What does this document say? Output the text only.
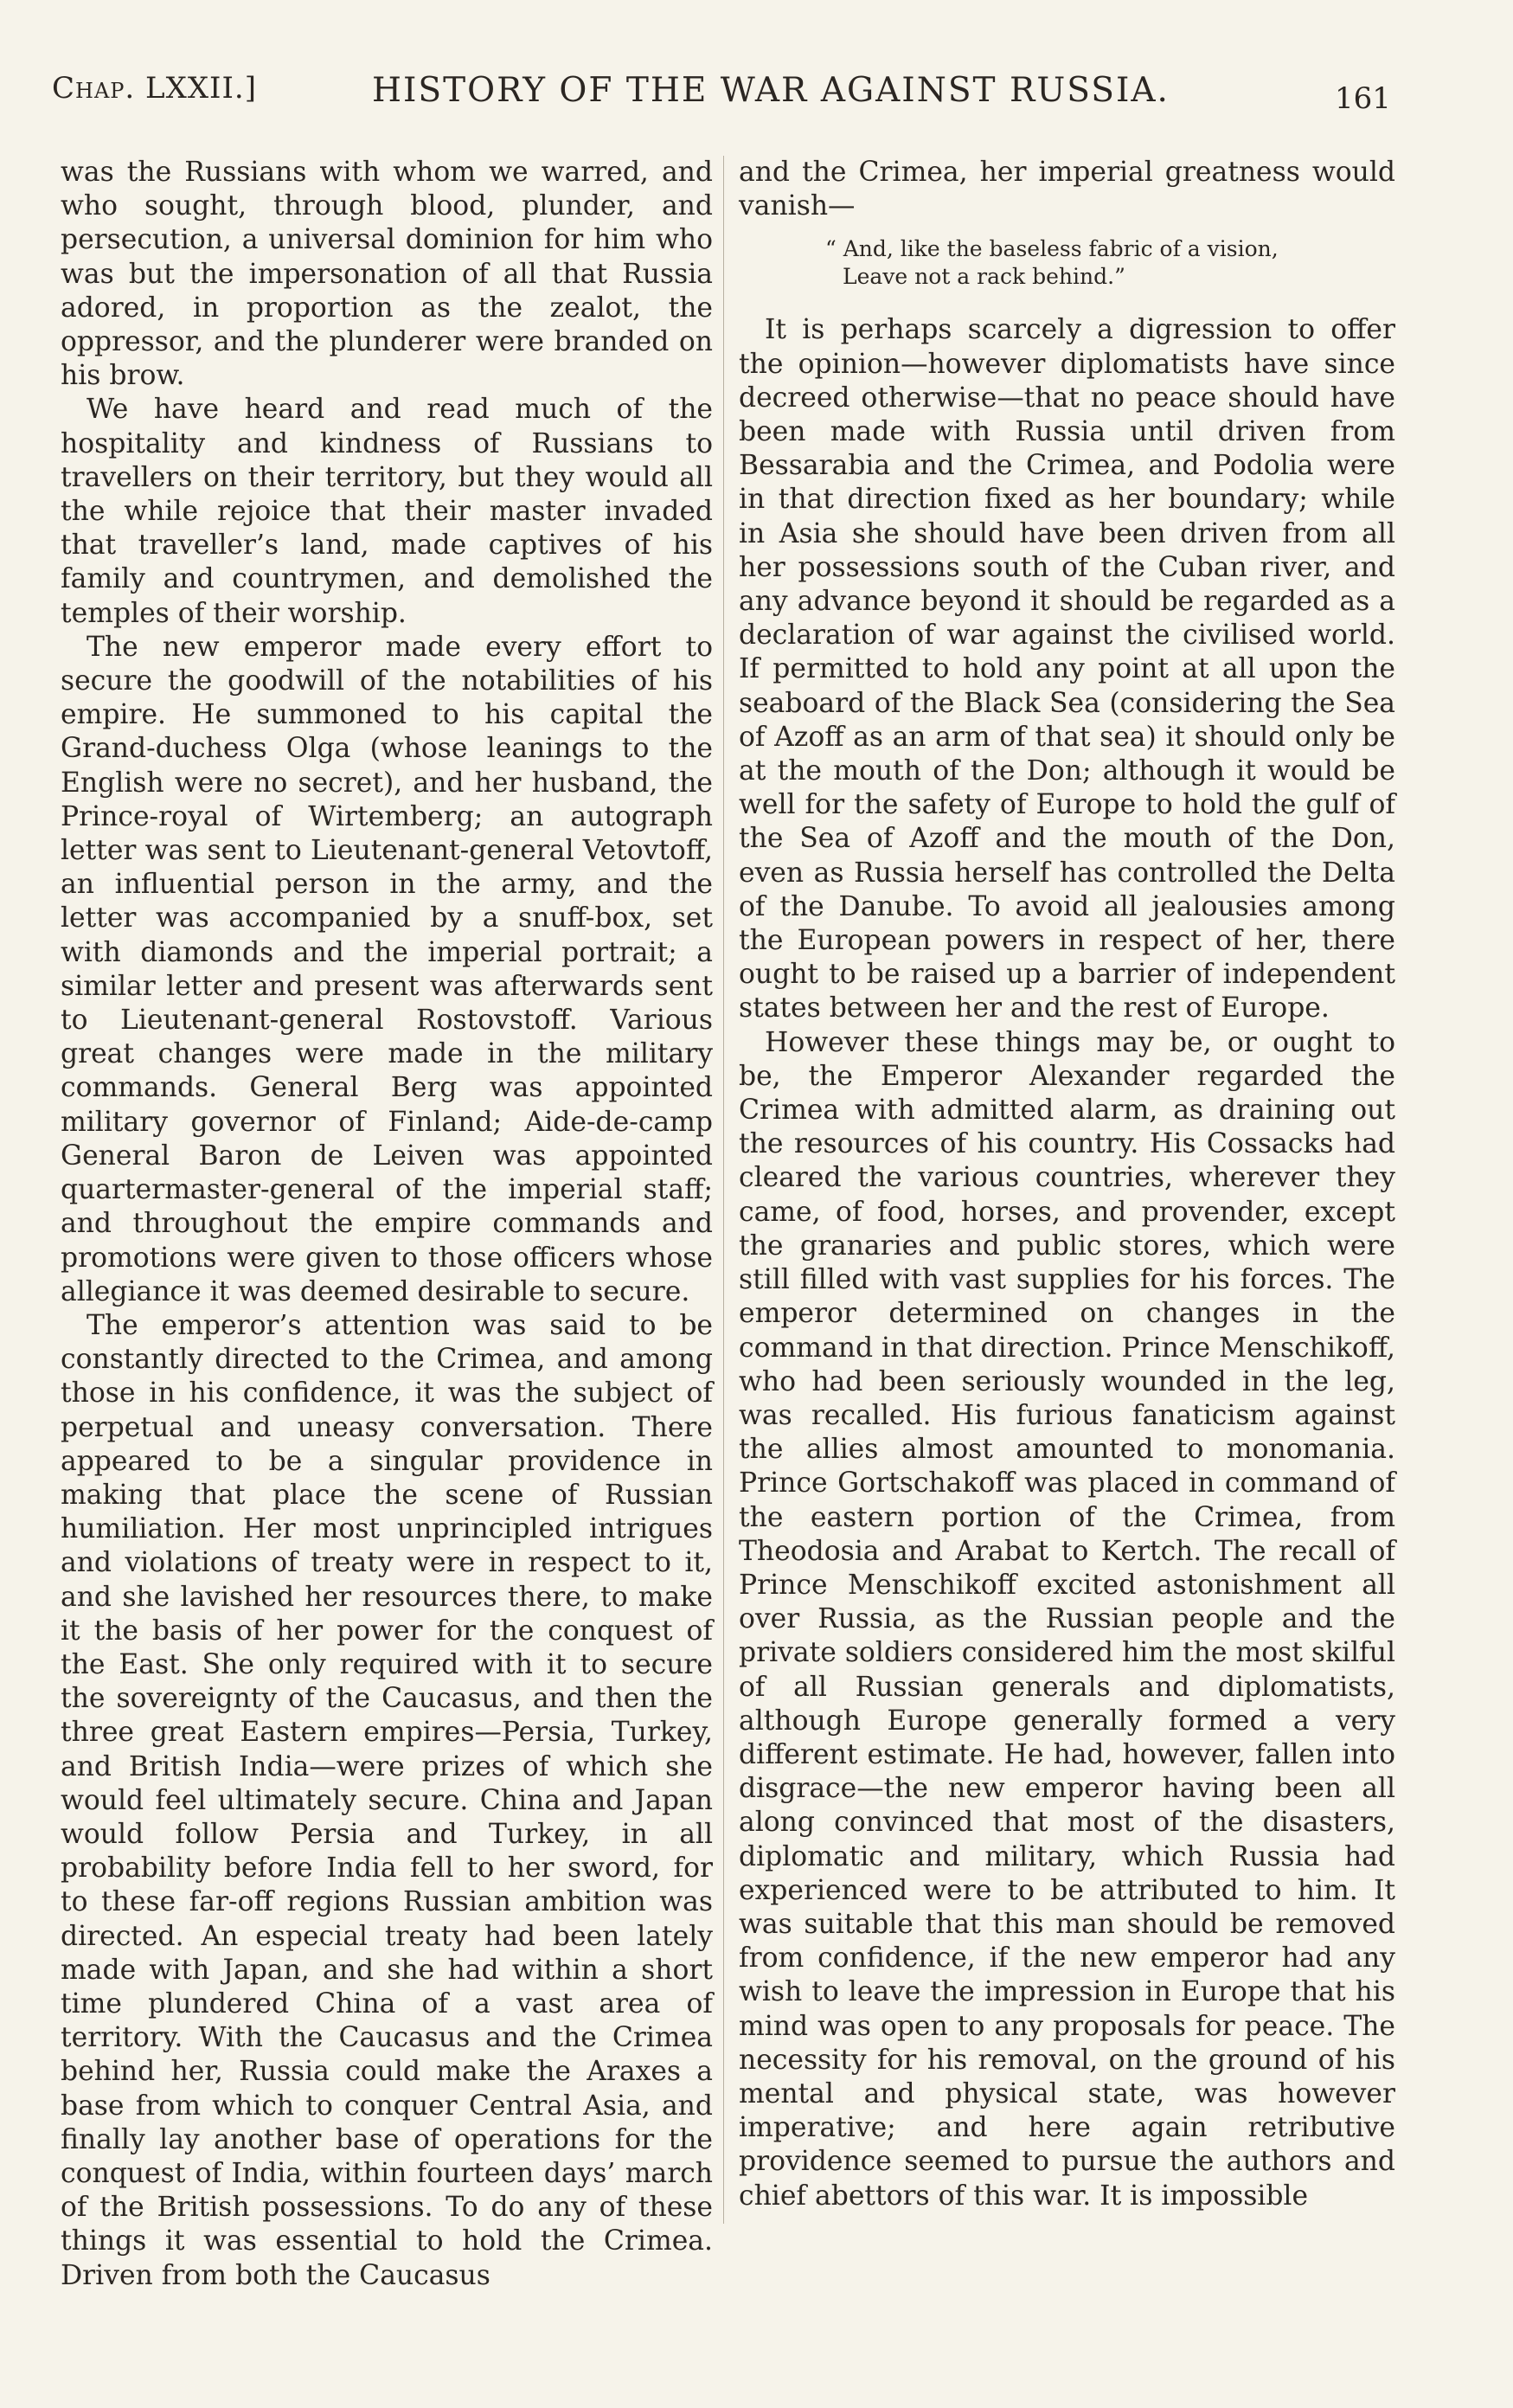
Chap. LXXII.]	HISTORY OF THE WAR AGAINST RUSSIA.	161

was the Russians with whom we warred, and who sought, through blood, plunder, and persecution, a universal dominion for him who was but the impersonation of all that Russia adored, in proportion as the zealot, the oppressor, and the plunderer were branded on his brow.

We have heard and read much of the hospitality and kindness of Russians to travellers on their territory, but they would all the while rejoice that their master invaded that traveller’s land, made captives of his family and countrymen, and demolished the temples of their worship.

The new emperor made every effort to secure the goodwill of the notabilities of his empire. He summoned to his capital the Grand-duchess Olga (whose leanings to the English were no secret), and her husband, the Prince-royal of Wirtemberg; an autograph letter was sent to Lieutenant-general Vetovtoff, an influential person in the army, and the letter was accompanied by a snuff-box, set with diamonds and the imperial portrait; a similar letter and present was afterwards sent to Lieutenant-general Rostovstoff. Various great changes were made in the military commands. General Berg was appointed military governor of Finland; Aide-de-camp General Baron de Leiven was appointed quartermaster-general of the imperial staff; and throughout the empire commands and promotions were given to those officers whose allegiance it was deemed desirable to secure.

The emperor’s attention was said to be constantly directed to the Crimea, and among those in his confidence, it was the subject of perpetual and uneasy conversation. There appeared to be a singular providence in making that place the scene of Russian humiliation. Her most unprincipled intrigues and violations of treaty were in respect to it, and she lavished her resources there, to make it the basis of her power for the conquest of the East. She only required with it to secure the sovereignty of the Caucasus, and then the three great Eastern empires—Persia, Turkey, and British India—were prizes of which she would feel ultimately secure. China and Japan would follow Persia and Turkey, in all probability before India fell to her sword, for to these far-off regions Russian ambition was directed. An especial treaty had been lately made with Japan, and she had within a short time plundered China of a vast area of territory. With the Caucasus and the Crimea behind her, Russia could make the Araxes a base from which to conquer Central Asia, and finally lay another base of operations for the conquest of India, within fourteen days’ march of the British possessions. To do any of these things it was essential to hold the Crimea. Driven from both the Caucasus

and the Crimea, her imperial greatness would vanish—

“ And, like the baseless fabric of a vision,
Leave not a rack behind.”

It is perhaps scarcely a digression to offer the opinion—however diplomatists have since decreed otherwise—that no peace should have been made with Russia until driven from Bessarabia and the Crimea, and Podolia were in that direction fixed as her boundary; while in Asia she should have been driven from all her possessions south of the Cuban river, and any advance beyond it should be regarded as a declaration of war against the civilised world. If permitted to hold any point at all upon the seaboard of the Black Sea (considering the Sea of Azoff as an arm of that sea) it should only be at the mouth of the Don; although it would be well for the safety of Europe to hold the gulf of the Sea of Azoff and the mouth of the Don, even as Russia herself has controlled the Delta of the Danube. To avoid all jealousies among the European powers in respect of her, there ought to be raised up a barrier of independent states between her and the rest of Europe.

However these things may be, or ought to be, the Emperor Alexander regarded the Crimea with admitted alarm, as draining out the resources of his country. His Cossacks had cleared the various countries, wherever they came, of food, horses, and provender, except the granaries and public stores, which were still filled with vast supplies for his forces. The emperor determined on changes in the command in that direction. Prince Menschikoff, who had been seriously wounded in the leg, was recalled. His furious fanaticism against the allies almost amounted to monomania. Prince Gortschakoff was placed in command of the eastern portion of the Crimea, from Theodosia and Arabat to Kertch. The recall of Prince Menschikoff excited astonishment all over Russia, as the Russian people and the private soldiers considered him the most skilful of all Russian generals and diplomatists, although Europe generally formed a very different estimate. He had, however, fallen into disgrace—the new emperor having been all along convinced that most of the disasters, diplomatic and military, which Russia had experienced were to be attributed to him. It was suitable that this man should be removed from confidence, if the new emperor had any wish to leave the impression in Europe that his mind was open to any proposals for peace. The necessity for his removal, on the ground of his mental and physical state, was however imperative; and here again retributive providence seemed to pursue the authors and chief abettors of this war. It is impossible
